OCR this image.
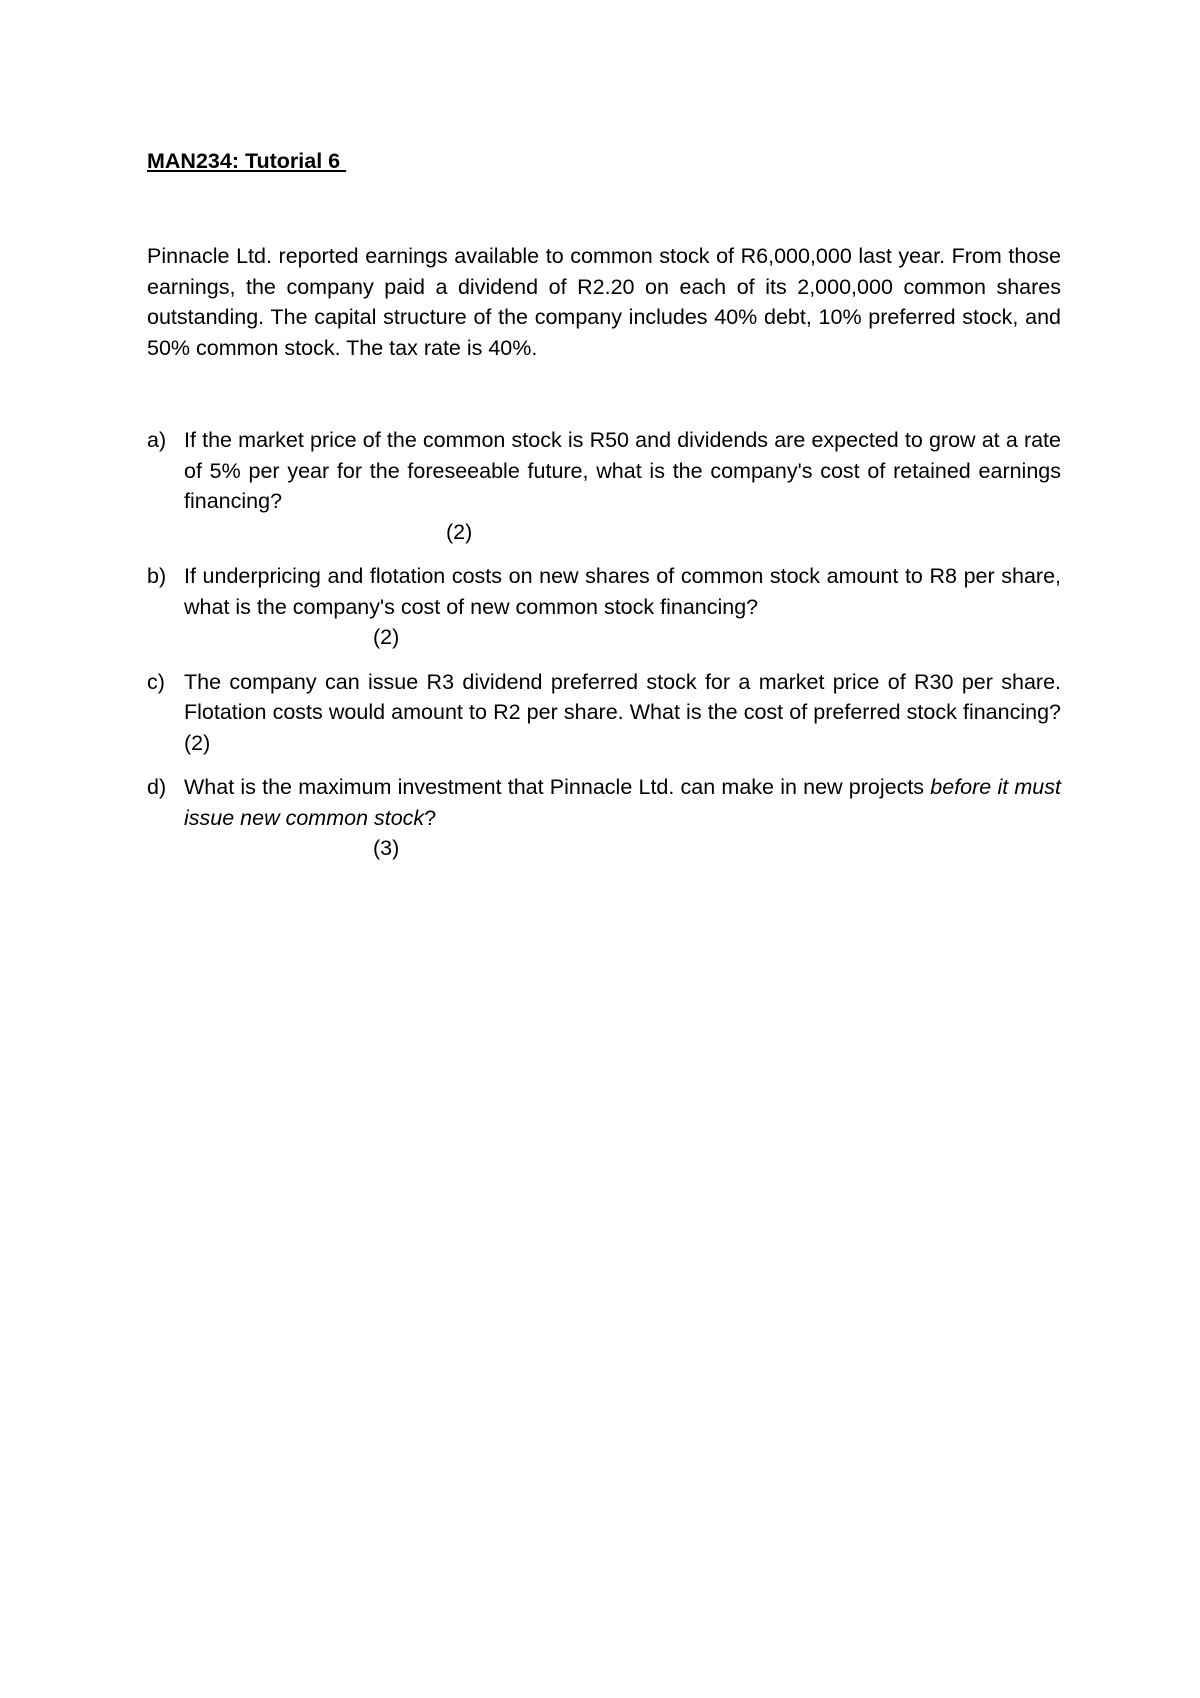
MAN234: Tutorial 6

Pinnacle Ltd. reported earnings available to common stock of R6,000,000 last year. From those earnings, the company paid a dividend of R2.20 on each of its 2,000,000 common shares outstanding. The capital structure of the company includes 40% debt, 10% preferred stock, and 50% common stock. The tax rate is 40%.

a) If the market price of the common stock is R50 and dividends are expected to grow at a rate of 5% per year for the foreseeable future, what is the company's cost of retained earnings financing?
(2)
b) If underpricing and flotation costs on new shares of common stock amount to R8 per share, what is the company's cost of new common stock financing?
(2)
c) The company can issue R3 dividend preferred stock for a market price of R30 per share. Flotation costs would amount to R2 per share. What is the cost of preferred stock financing? (2)
d) What is the maximum investment that Pinnacle Ltd. can make in new projects before it must issue new common stock?
(3)
